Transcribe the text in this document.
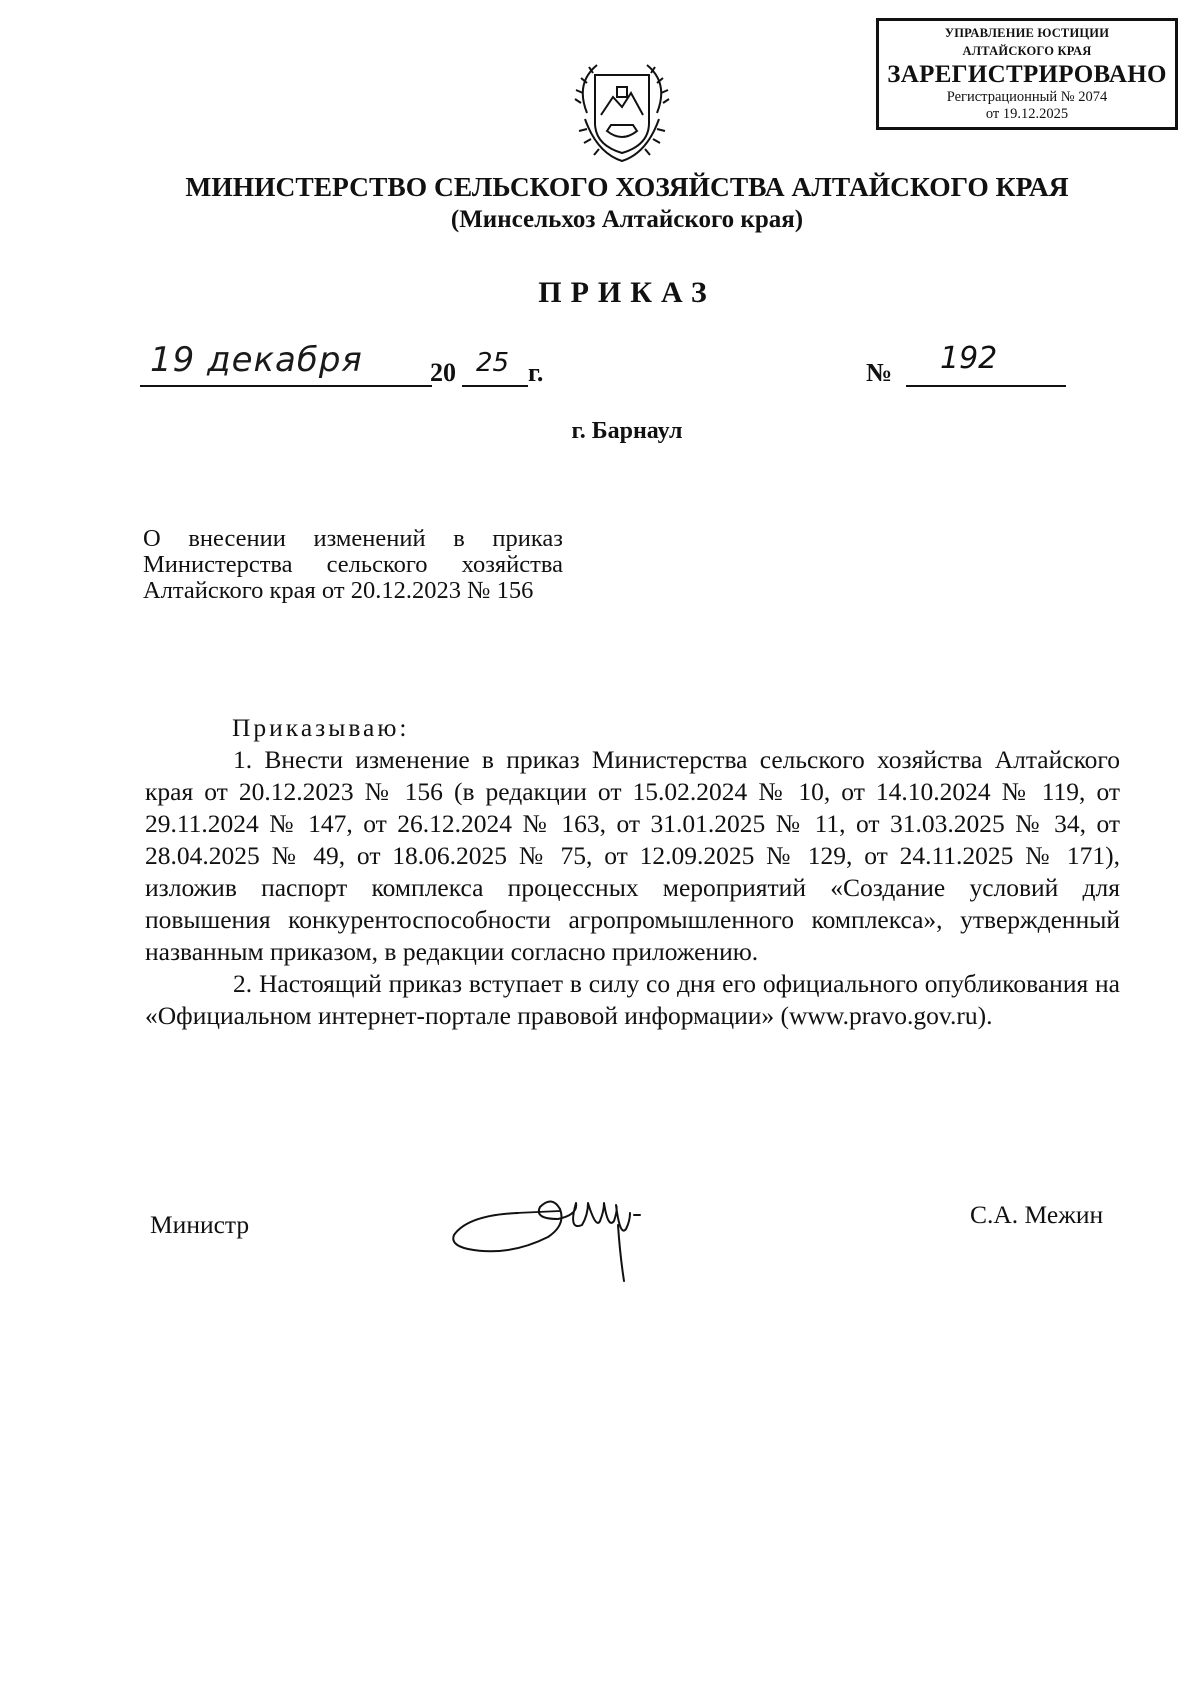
УПРАВЛЕНИЕ ЮСТИЦИИ
АЛТАЙСКОГО КРАЯ
ЗАРЕГИСТРИРОВАНО
Регистрационный № 2074
от 19.12.2025
МИНИСТЕРСТВО СЕЛЬСКОГО ХОЗЯЙСТВА АЛТАЙСКОГО КРАЯ
(Минсельхоз Алтайского края)
ПРИКАЗ
19 декабря	20 25 г.	№ 192
г. Барнаул
О внесении изменений в приказ Министерства сельского хозяйства Алтайского края от 20.12.2023 № 156
Приказываю:

1. Внести изменение в приказ Министерства сельского хозяйства Алтайского края от 20.12.2023 № 156 (в редакции от 15.02.2024 № 10, от 14.10.2024 № 119, от 29.11.2024 № 147, от 26.12.2024 № 163, от 31.01.2025 № 11, от 31.03.2025 № 34, от 28.04.2025 № 49, от 18.06.2025 № 75, от 12.09.2025 № 129, от 24.11.2025 № 171), изложив паспорт комплекса процессных мероприятий «Создание условий для повышения конкурентоспособности агропромышленного комплекса», утвержденный названным приказом, в редакции согласно приложению.

2. Настоящий приказ вступает в силу со дня его официального опубликования на «Официальном интернет-портале правовой информации» (www.pravo.gov.ru).

Министр	С.А. Межин
